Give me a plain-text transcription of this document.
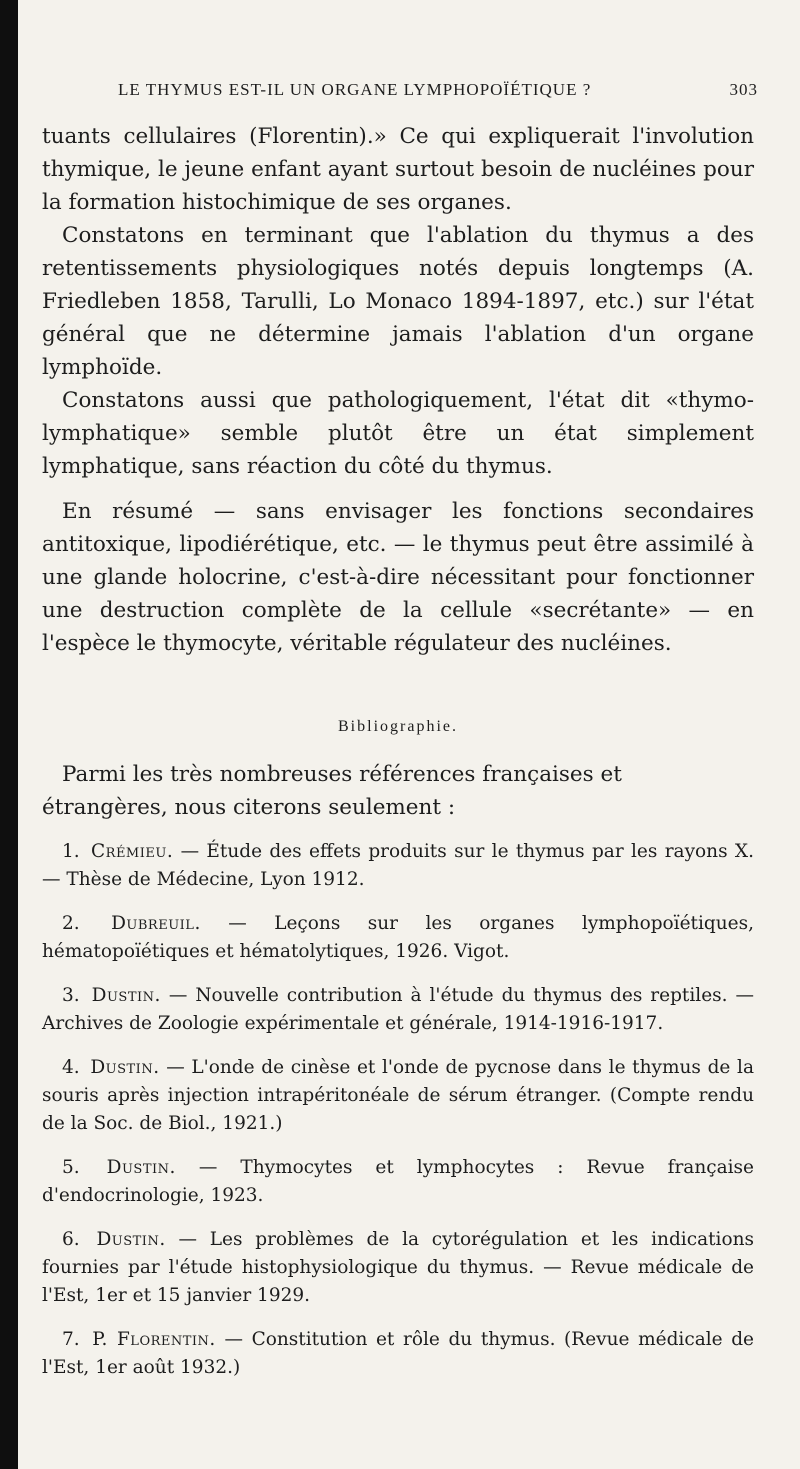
LE THYMUS EST-IL UN ORGANE LYMPHOPOÏÉTIQUE ?	303

tuants cellulaires (Florentin).» Ce qui expliquerait l'involution thymique, le jeune enfant ayant surtout besoin de nucléines pour la formation histochimique de ses organes.

Constatons en terminant que l'ablation du thymus a des retentissements physiologiques notés depuis longtemps (A. Friedleben 1858, Tarulli, Lo Monaco 1894-1897, etc.) sur l'état général que ne détermine jamais l'ablation d'un organe lymphoïde.

Constatons aussi que pathologiquement, l'état dit «thymo-lymphatique» semble plutôt être un état simplement lymphatique, sans réaction du côté du thymus.

En résumé — sans envisager les fonctions secondaires antitoxique, lipodiérétique, etc. — le thymus peut être assimilé à une glande holocrine, c'est-à-dire nécessitant pour fonctionner une destruction complète de la cellule «secrétante» — en l'espèce le thymocyte, véritable régulateur des nucléines.

Bibliographie.

Parmi les très nombreuses références françaises et étrangères, nous citerons seulement :

1. Crémieu. — Étude des effets produits sur le thymus par les rayons X. — Thèse de Médecine, Lyon 1912.

2. Dubreuil. — Leçons sur les organes lymphopoïétiques, hématopoïétiques et hématolytiques, 1926. Vigot.

3. Dustin. — Nouvelle contribution à l'étude du thymus des reptiles. — Archives de Zoologie expérimentale et générale, 1914-1916-1917.

4. Dustin. — L'onde de cinèse et l'onde de pycnose dans le thymus de la souris après injection intrapéritonéale de sérum étranger. (Compte rendu de la Soc. de Biol., 1921.)

5. Dustin. — Thymocytes et lymphocytes : Revue française d'endocrinologie, 1923.

6. Dustin. — Les problèmes de la cytorégulation et les indications fournies par l'étude histophysiologique du thymus. — Revue médicale de l'Est, 1er et 15 janvier 1929.

7. P. Florentin. — Constitution et rôle du thymus. (Revue médicale de l'Est, 1er août 1932.)
